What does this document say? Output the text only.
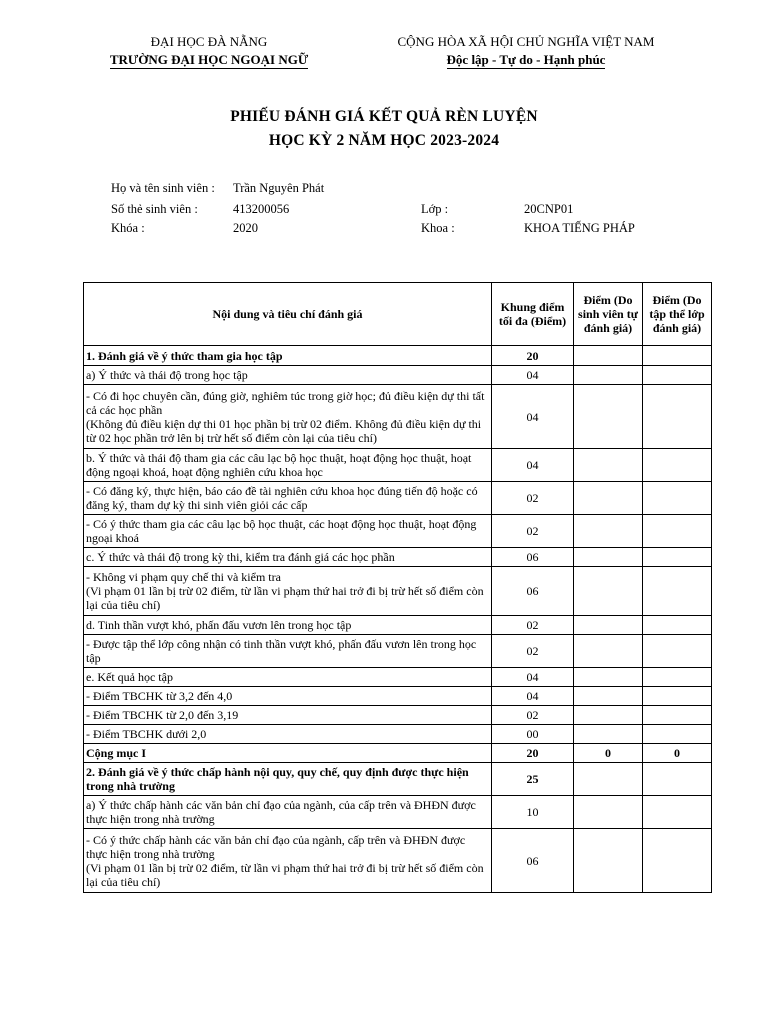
ĐẠI HỌC ĐÀ NẴNG
TRƯỜNG ĐẠI HỌC NGOẠI NGỮ
CỘNG HÒA XÃ HỘI CHỦ NGHĨA VIỆT NAM
Độc lập - Tự do - Hạnh phúc
PHIẾU ĐÁNH GIÁ KẾT QUẢ RÈN LUYỆN
HỌC KỲ 2 NĂM HỌC 2023-2024
Họ và tên sinh viên : Trần Nguyên Phát
Số thẻ sinh viên :	413200056	Lớp :	20CNP01
Khóa :	2020	Khoa :	KHOA TIẾNG PHÁP
Nội dung và tiêu chí đánh giá	Khung điểm tối đa (Điểm)	Điểm (Do sinh viên tự đánh giá)	Điểm (Do tập thể lớp đánh giá)
1. Đánh giá về ý thức tham gia học tập	20		
a) Ý thức và thái độ trong học tập	04		
- Có đi học chuyên cần, đúng giờ, nghiêm túc trong giờ học; đủ điều kiện dự thi tất cả các học phần
(Không đủ điều kiện dự thi 01 học phần bị trừ 02 điểm. Không đủ điều kiện dự thi từ 02 học phần trở lên bị trừ hết số điểm còn lại của tiêu chí)	04		
b. Ý thức và thái độ tham gia các câu lạc bộ học thuật, hoạt động học thuật, hoạt động ngoại khoá, hoạt động nghiên cứu khoa học	04		
- Có đăng ký, thực hiện, báo cáo đề tài nghiên cứu khoa học đúng tiến độ hoặc có đăng ký, tham dự kỳ thi sinh viên giỏi các cấp	02		
- Có ý thức tham gia các câu lạc bộ học thuật, các hoạt động học thuật, hoạt động ngoại khoá	02		
c. Ý thức và thái độ trong kỳ thi, kiểm tra đánh giá các học phần	06		
- Không vi phạm quy chế thi và kiểm tra
(Vi phạm 01 lần bị trừ 02 điểm, từ lần vi phạm thứ hai trở đi bị trừ hết số điểm còn lại của tiêu chí)	06		
d. Tinh thần vượt khó, phấn đấu vươn lên trong học tập	02		
- Được tập thể lớp công nhận có tinh thần vượt khó, phấn đấu vươn lên trong học tập	02		
e. Kết quả học tập	04		
- Điểm TBCHK từ 3,2 đến 4,0	04		
- Điểm TBCHK từ 2,0 đến 3,19	02		
- Điểm TBCHK dưới 2,0	00		
Cộng mục I	20	0	0
2. Đánh giá về ý thức chấp hành nội quy, quy chế, quy định được thực hiện trong nhà trường	25		
a) Ý thức chấp hành các văn bản chỉ đạo của ngành, của cấp trên và ĐHĐN được thực hiện trong nhà trường	10		
- Có ý thức chấp hành các văn bản chỉ đạo của ngành, cấp trên và ĐHĐN được thực hiện trong nhà trường
(Vi phạm 01 lần bị trừ 02 điểm, từ lần vi phạm thứ hai trở đi bị trừ hết số điểm còn lại của tiêu chí)	06		
